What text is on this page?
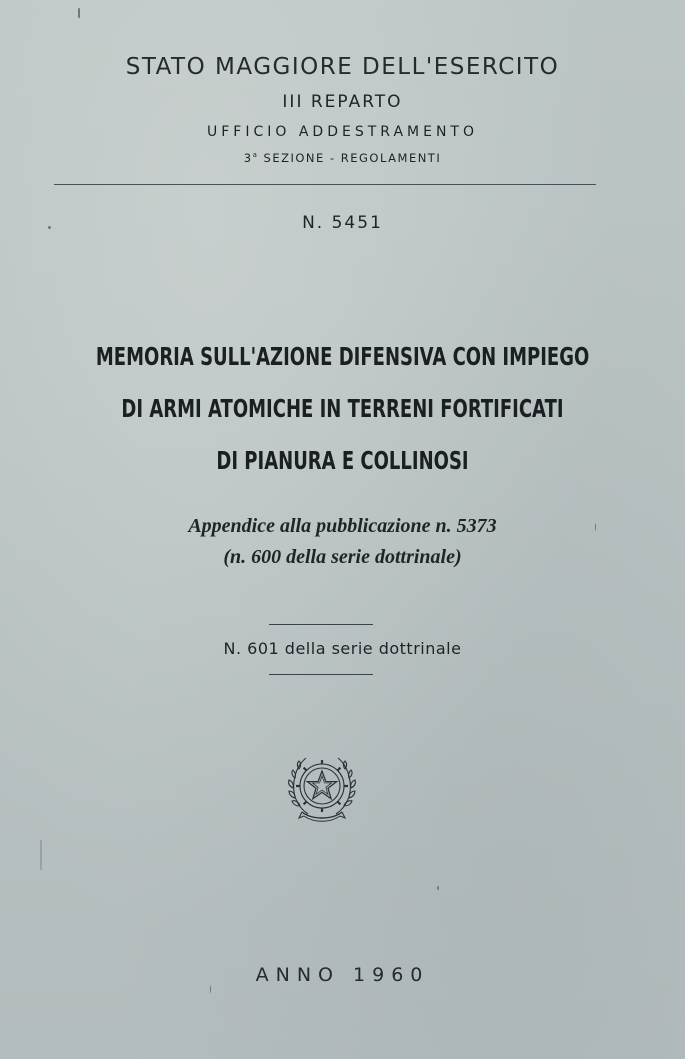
STATO MAGGIORE DELL'ESERCITO
III REPARTO
UFFICIO ADDESTRAMENTO
3$^a$ SEZIONE - REGOLAMENTI
N. 5451
MEMORIA SULL'AZIONE DIFENSIVA CON IMPIEGO
DI ARMI ATOMICHE IN TERRENI FORTIFICATI
DI PIANURA E COLLINOSI
Appendice alla pubblicazione n. 5373
(n. 600 della serie dottrinale)
N. 601 della serie dottrinale
ANNO 1960
